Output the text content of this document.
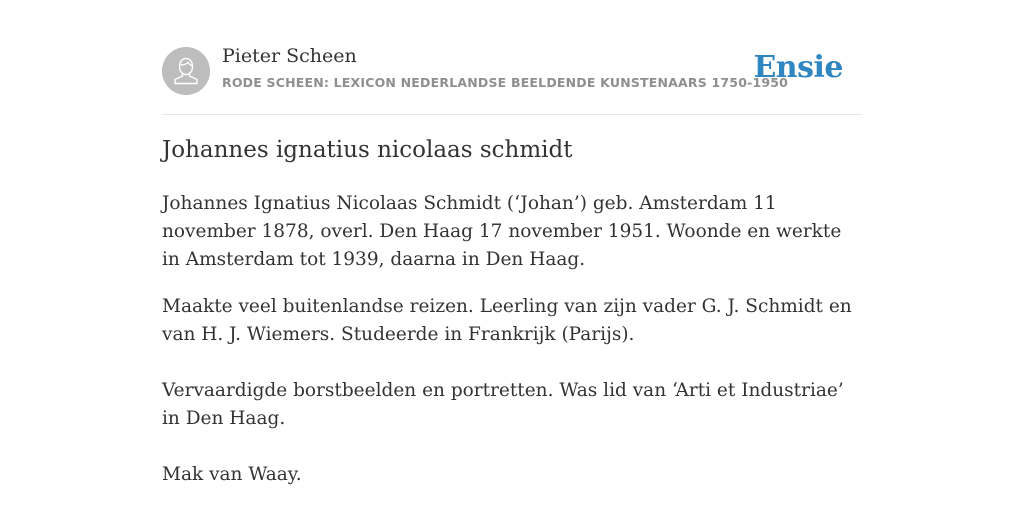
Pieter Scheen
RODE SCHEEN: LEXICON NEDERLANDSE BEELDENDE KUNSTENAARS 1750-1950
Ensie
Johannes ignatius nicolaas schmidt

Johannes Ignatius Nicolaas Schmidt (‘Johan’) geb. Amsterdam 11 november 1878, overl. Den Haag 17 november 1951. Woonde en werkte in Amsterdam tot 1939, daarna in Den Haag.

Maakte veel buitenlandse reizen. Leerling van zijn vader G. J. Schmidt en van H. J. Wiemers. Studeerde in Frankrijk (Parijs).

Vervaardigde borstbeelden en portretten. Was lid van ‘Arti et Industriae’ in Den Haag.

Mak van Waay.
